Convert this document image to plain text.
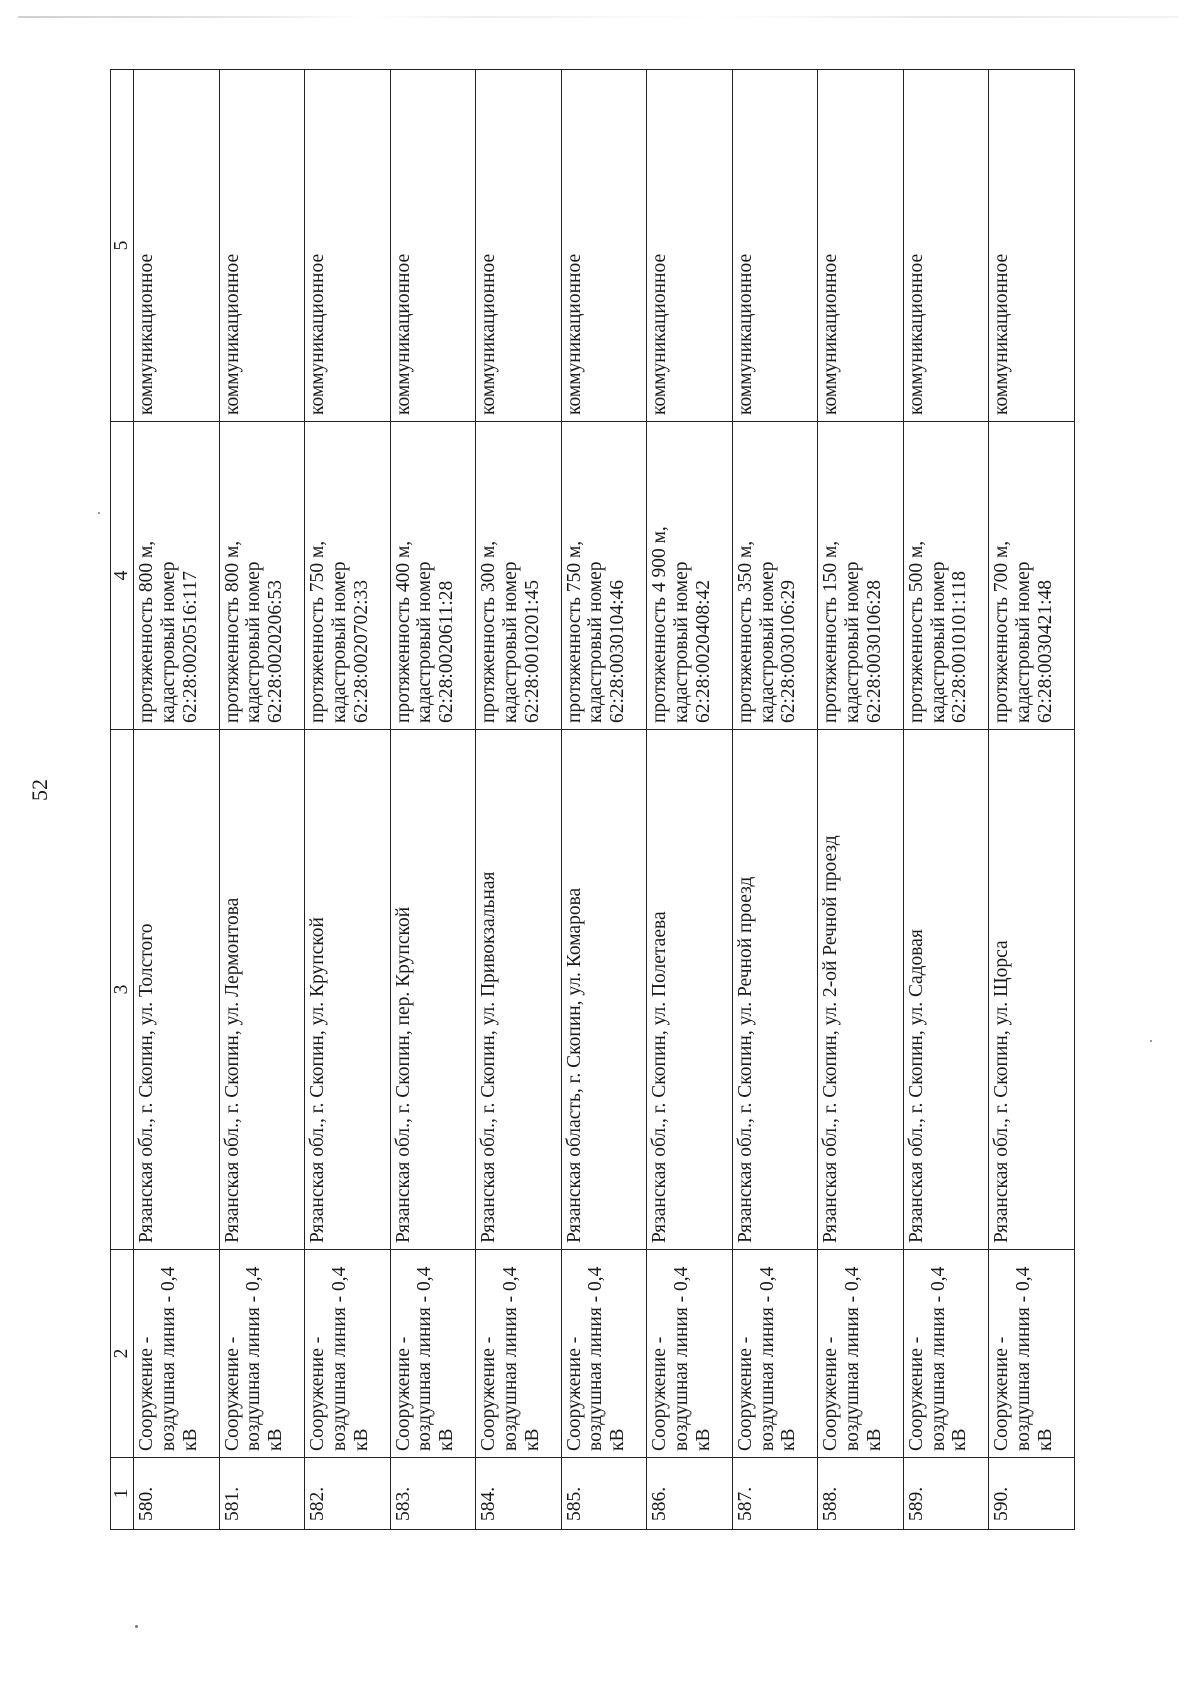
52
1	2	3	4	5
580.	Сооружение - воздушная линия - 0,4 кВ	Рязанская обл., г. Скопин, ул. Толстого	протяженность 800 м,
кадастровый номер
62:28:0020516:117	коммуникационное
581.	Сооружение - воздушная линия - 0,4 кВ	Рязанская обл., г. Скопин, ул. Лермонтова	протяженность 800 м,
кадастровый номер
62:28:0020206:53	коммуникационное
582.	Сооружение - воздушная линия - 0,4 кВ	Рязанская обл., г. Скопин, ул. Крупской	протяженность 750 м,
кадастровый номер
62:28:0020702:33	коммуникационное
583.	Сооружение - воздушная линия - 0,4 кВ	Рязанская обл., г. Скопин, пер. Крупской	протяженность 400 м,
кадастровый номер
62:28:0020611:28	коммуникационное
584.	Сооружение - воздушная линия - 0,4 кВ	Рязанская обл., г. Скопин, ул. Привокзальная	протяженность 300 м,
кадастровый номер
62:28:0010201:45	коммуникационное
585.	Сооружение - воздушная линия - 0,4 кВ	Рязанская область, г. Скопин, ул. Комарова	протяженность 750 м,
кадастровый номер
62:28:0030104:46	коммуникационное
586.	Сооружение - воздушная линия - 0,4 кВ	Рязанская обл., г. Скопин, ул. Полетаева	протяженность 4 900 м,
кадастровый номер
62:28:0020408:42	коммуникационное
587.	Сооружение - воздушная линия - 0,4 кВ	Рязанская обл., г. Скопин, ул. Речной проезд	протяженность 350 м,
кадастровый номер
62:28:0030106:29	коммуникационное
588.	Сооружение - воздушная линия - 0,4 кВ	Рязанская обл., г. Скопин, ул. 2-ой Речной проезд	протяженность 150 м,
кадастровый номер
62:28:0030106:28	коммуникационное
589.	Сооружение - воздушная линия - 0,4 кВ	Рязанская обл., г. Скопин, ул. Садовая	протяженность 500 м,
кадастровый номер
62:28:0010101:118	коммуникационное
590.	Сооружение - воздушная линия - 0,4 кВ	Рязанская обл., г. Скопин, ул. Щорса	протяженность 700 м,
кадастровый номер
62:28:0030421:48	коммуникационное
